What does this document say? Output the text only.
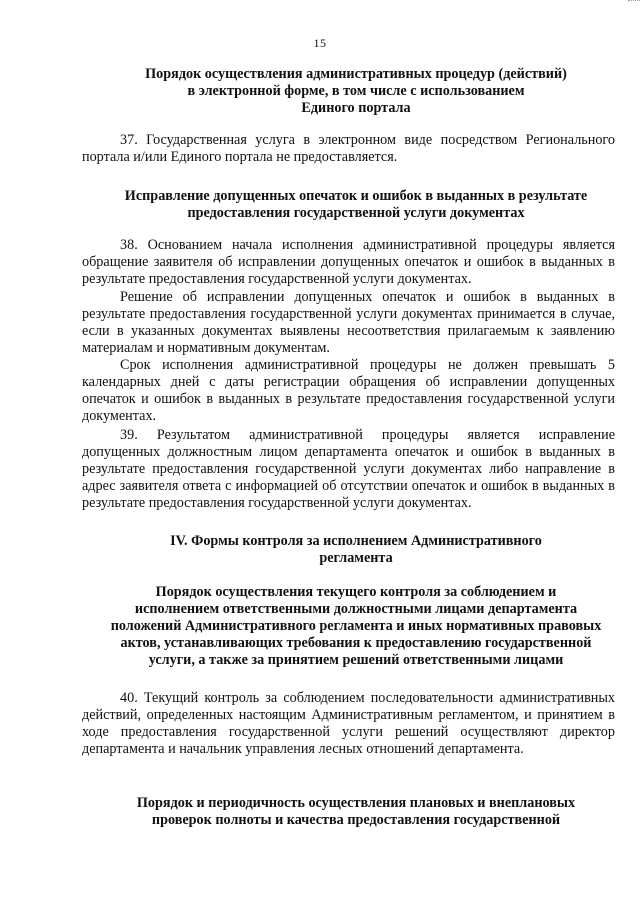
15
Порядок осуществления административных процедур (действий)
в электронной форме, в том числе с использованием
Единого портала

37. Государственная услуга в электронном виде посредством Регионального портала и/или Единого портала не предоставляется.

Исправление допущенных опечаток и ошибок в выданных в результате
предоставления государственной услуги документах

38. Основанием начала исполнения административной процедуры является обращение заявителя об исправлении допущенных опечаток и ошибок в выданных в результате предоставления государственной услуги документах.

Решение об исправлении допущенных опечаток и ошибок в выданных в результате предоставления государственной услуги документах принимается в случае, если в указанных документах выявлены несоответствия прилагаемым к заявлению материалам и нормативным документам.

Срок исполнения административной процедуры не должен превышать 5 календарных дней с даты регистрации обращения об исправлении допущенных опечаток и ошибок в выданных в результате предоставления государственной услуги документах.

39. Результатом административной процедуры является исправление допущенных должностным лицом департамента опечаток и ошибок в выданных в результате предоставления государственной услуги документах либо направление в адрес заявителя ответа с информацией об отсутствии опечаток и ошибок в выданных в результате предоставления государственной услуги документах.

IV. Формы контроля за исполнением Административного
регламента
Порядок осуществления текущего контроля за соблюдением и
исполнением ответственными должностными лицами департамента
положений Административного регламента и иных нормативных правовых
актов, устанавливающих требования к предоставлению государственной
услуги, а также за принятием решений ответственными лицами

40. Текущий контроль за соблюдением последовательности административных действий, определенных настоящим Административным регламентом, и принятием в ходе предоставления государственной услуги решений осуществляют директор департамента и начальник управления лесных отношений департамента.

Порядок и периодичность осуществления плановых и внеплановых
проверок полноты и качества предоставления государственной
